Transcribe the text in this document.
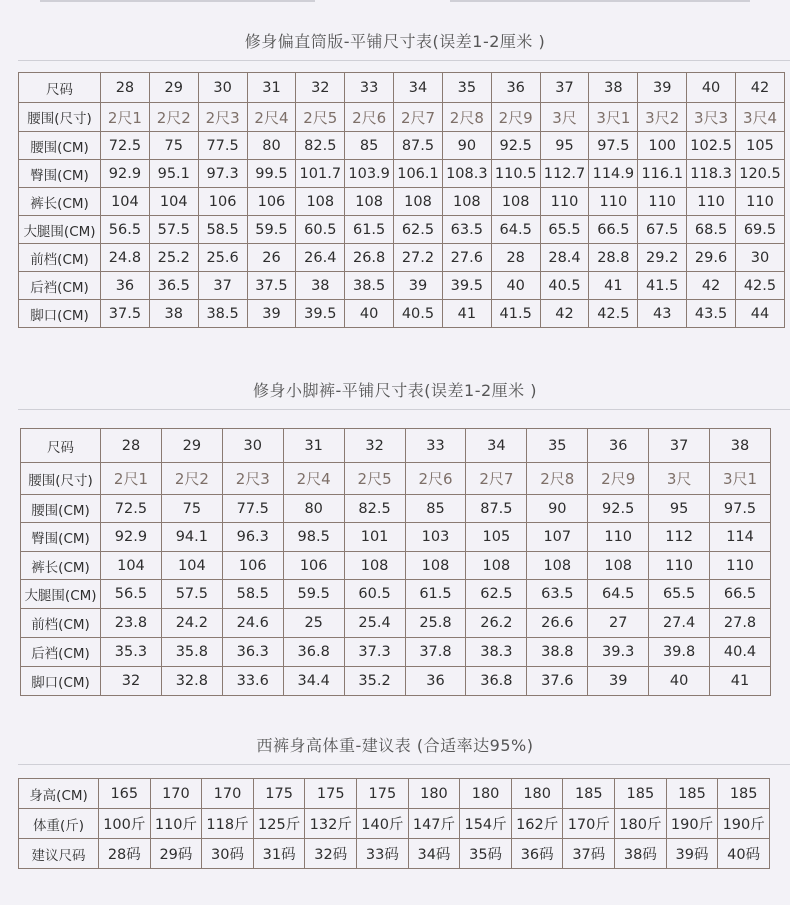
修身偏直筒版-平铺尺寸表(误差1-2厘米 )
尺码	28	29	30	31	32	33	34	35	36	37	38	39	40	42
腰围(尺寸)	2尺1	2尺2	2尺3	2尺4	2尺5	2尺6	2尺7	2尺8	2尺9	3尺	3尺1	3尺2	3尺3	3尺4
腰围(CM)	72.5	75	77.5	80	82.5	85	87.5	90	92.5	95	97.5	100	102.5	105
臀围(CM)	92.9	95.1	97.3	99.5	101.7	103.9	106.1	108.3	110.5	112.7	114.9	116.1	118.3	120.5
裤长(CM)	104	104	106	106	108	108	108	108	108	110	110	110	110	110
大腿围(CM)	56.5	57.5	58.5	59.5	60.5	61.5	62.5	63.5	64.5	65.5	66.5	67.5	68.5	69.5
前档(CM)	24.8	25.2	25.6	26	26.4	26.8	27.2	27.6	28	28.4	28.8	29.2	29.6	30
后裆(CM)	36	36.5	37	37.5	38	38.5	39	39.5	40	40.5	41	41.5	42	42.5
脚口(CM)	37.5	38	38.5	39	39.5	40	40.5	41	41.5	42	42.5	43	43.5	44
修身小脚裤-平铺尺寸表(误差1-2厘米 )
尺码	28	29	30	31	32	33	34	35	36	37	38
腰围(尺寸)	2尺1	2尺2	2尺3	2尺4	2尺5	2尺6	2尺7	2尺8	2尺9	3尺	3尺1
腰围(CM)	72.5	75	77.5	80	82.5	85	87.5	90	92.5	95	97.5
臀围(CM)	92.9	94.1	96.3	98.5	101	103	105	107	110	112	114
裤长(CM)	104	104	106	106	108	108	108	108	108	110	110
大腿围(CM)	56.5	57.5	58.5	59.5	60.5	61.5	62.5	63.5	64.5	65.5	66.5
前档(CM)	23.8	24.2	24.6	25	25.4	25.8	26.2	26.6	27	27.4	27.8
后裆(CM)	35.3	35.8	36.3	36.8	37.3	37.8	38.3	38.8	39.3	39.8	40.4
脚口(CM)	32	32.8	33.6	34.4	35.2	36	36.8	37.6	39	40	41
西裤身高体重-建议表 (合适率达95%)
身高(CM)	165	170	170	175	175	175	180	180	180	185	185	185	185
体重(斤)	100斤	110斤	118斤	125斤	132斤	140斤	147斤	154斤	162斤	170斤	180斤	190斤	190斤
建议尺码	28码	29码	30码	31码	32码	33码	34码	35码	36码	37码	38码	39码	40码
